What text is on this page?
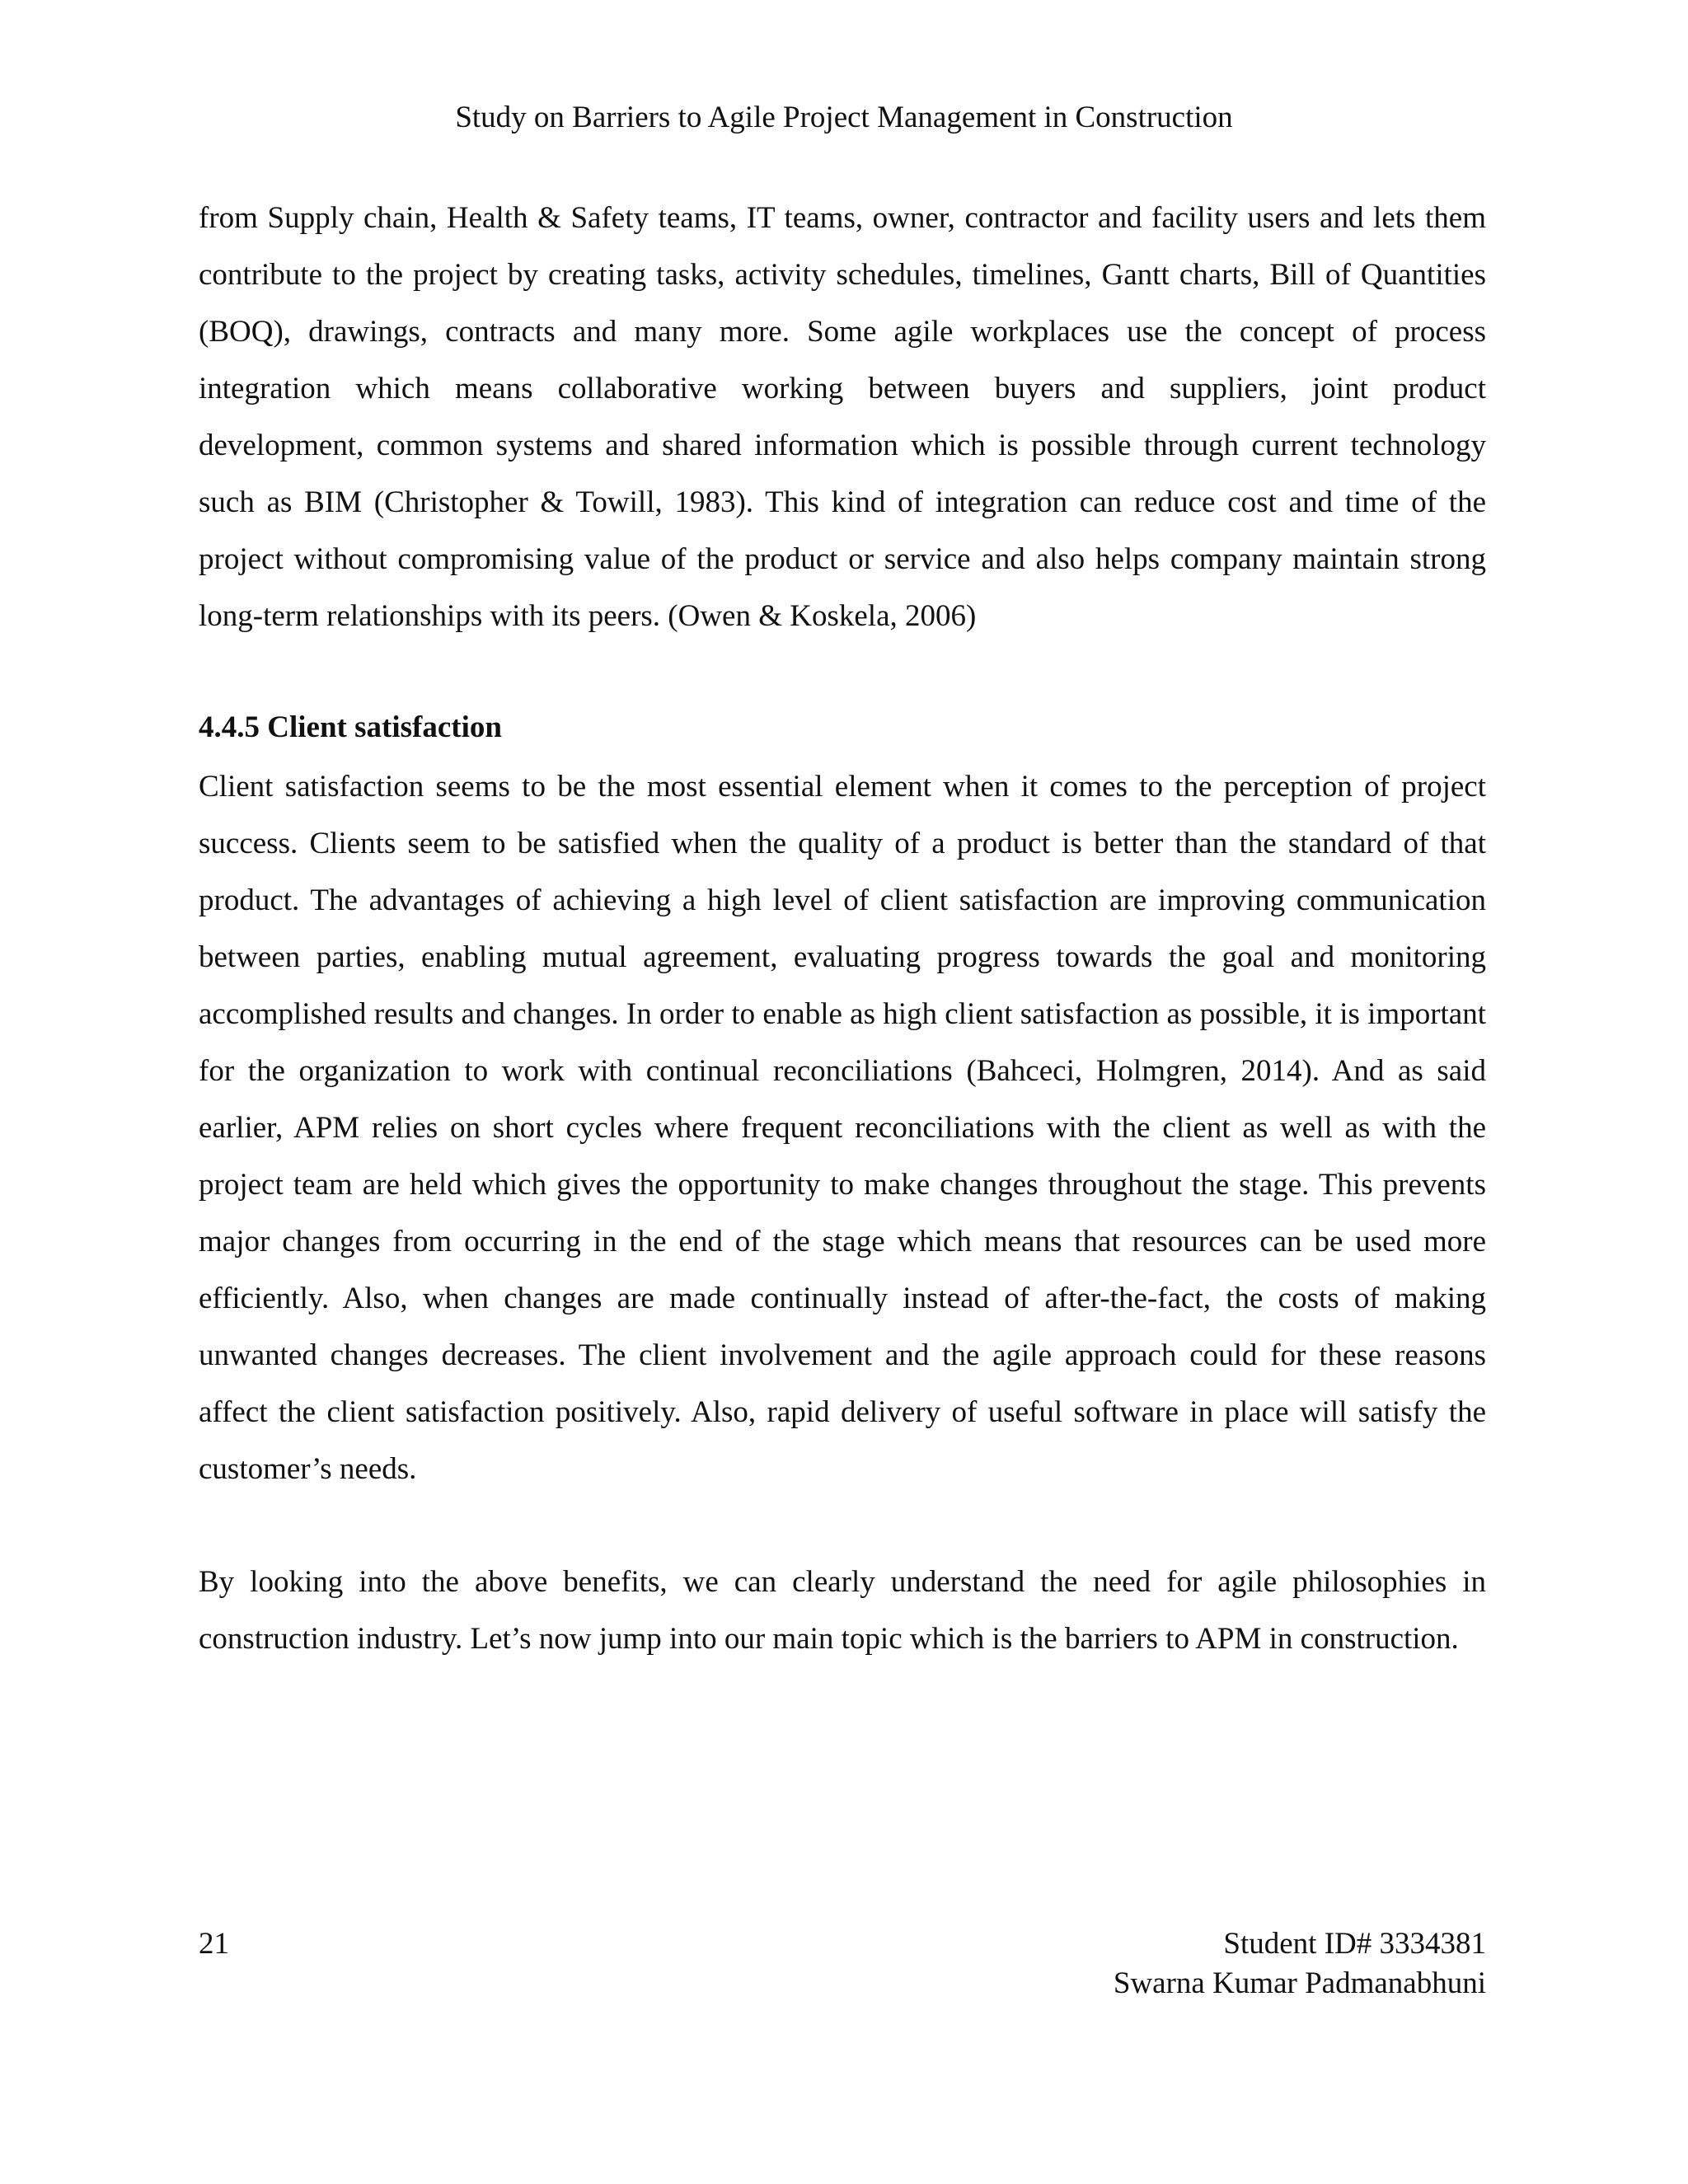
Study on Barriers to Agile Project Management in Construction

from Supply chain, Health & Safety teams, IT teams, owner, contractor and facility users and lets them contribute to the project by creating tasks, activity schedules, timelines, Gantt charts, Bill of Quantities (BOQ), drawings, contracts and many more. Some agile workplaces use the concept of process integration which means collaborative working between buyers and suppliers, joint product development, common systems and shared information which is possible through current technology such as BIM (Christopher & Towill, 1983). This kind of integration can reduce cost and time of the project without compromising value of the product or service and also helps company maintain strong long-term relationships with its peers. (Owen & Koskela, 2006)

4.4.5 Client satisfaction

Client satisfaction seems to be the most essential element when it comes to the perception of project success. Clients seem to be satisfied when the quality of a product is better than the standard of that product. The advantages of achieving a high level of client satisfaction are improving communication between parties, enabling mutual agreement, evaluating progress towards the goal and monitoring accomplished results and changes. In order to enable as high client satisfaction as possible, it is important for the organization to work with continual reconciliations (Bahceci, Holmgren, 2014). And as said earlier, APM relies on short cycles where frequent reconciliations with the client as well as with the project team are held which gives the opportunity to make changes throughout the stage. This prevents major changes from occurring in the end of the stage which means that resources can be used more efficiently. Also, when changes are made continually instead of after-the-fact, the costs of making unwanted changes decreases. The client involvement and the agile approach could for these reasons affect the client satisfaction positively. Also, rapid delivery of useful software in place will satisfy the customer’s needs.

By looking into the above benefits, we can clearly understand the need for agile philosophies in construction industry. Let’s now jump into our main topic which is the barriers to APM in construction.

21	Student ID# 3334381
Swarna Kumar Padmanabhuni
